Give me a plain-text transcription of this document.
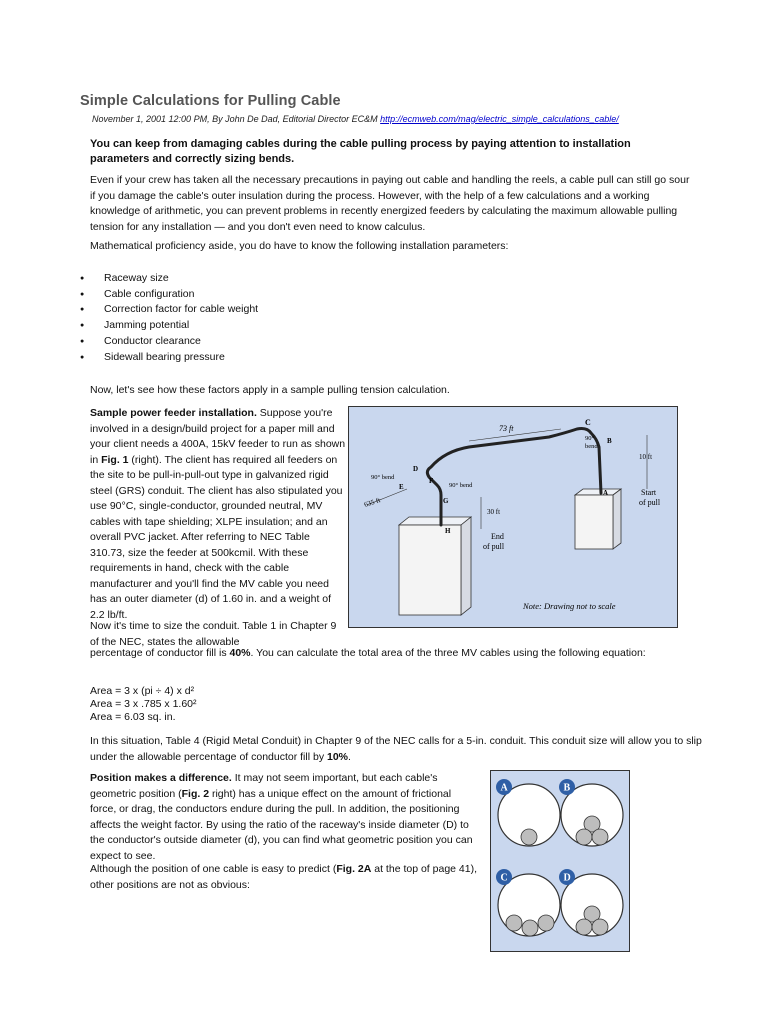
Simple Calculations for Pulling Cable
November 1, 2001 12:00 PM, By John De Dad, Editorial Director EC&M http://ecmweb.com/mag/electric_simple_calculations_cable/

You can keep from damaging cables during the cable pulling process by paying attention to installation parameters and correctly sizing bends.

Even if your crew has taken all the necessary precautions in paying out cable and handling the reels, a cable pull can still go sour if you damage the cable's outer insulation during the process. However, with the help of a few calculations and a working knowledge of arithmetic, you can prevent problems in recently energized feeders by calculating the maximum allowable pulling tension for any installation — and you don't even need to know calculus.

Mathematical proficiency aside, you do have to know the following installation parameters:

● Raceway size
● Cable configuration
● Correction factor for cable weight
● Jamming potential
● Conductor clearance
● Sidewall bearing pressure

Now, let's see how these factors apply in a sample pulling tension calculation.

Sample power feeder installation. Suppose you're involved in a design/build project for a paper mill and your client needs a 400A, 15kV feeder to run as shown in Fig. 1 (right). The client has required all feeders on the site to be pull-in-pull-out type in galvanized rigid steel (GRS) conduit. The client has also stipulated you use 90°C, single-conductor, grounded neutral, MV cables with tape shielding; XLPE insulation; and an overall PVC jacket. After referring to NEC Table 310.73, size the feeder at 500kcmil. With these requirements in hand, check with the cable manufacturer and you'll find the MV cable you need has an outer diameter (d) of 1.60 in. and a weight of 2.2 lb/ft.

73 ft
C
B
A
90°
bend
10 ft
Start
of pull
D
90° bend
E
F
90° bend
G
H
635 ft
30 ft
End
of pull
Note: Drawing not to scale

Now it's time to size the conduit. Table 1 in Chapter 9 of the NEC, states the allowable

percentage of conductor fill is 40%. You can calculate the total area of the three MV cables using the following equation:

Area = 3 x (pi ÷ 4) x d²
Area = 3 x .785 x 1.60²
Area = 6.03 sq. in.

In this situation, Table 4 (Rigid Metal Conduit) in Chapter 9 of the NEC calls for a 5-in. conduit. This conduit size will allow you to slip under the allowable percentage of conductor fill by 10%.

Position makes a difference. It may not seem important, but each cable's geometric position (Fig. 2 right) has a unique effect on the amount of frictional force, or drag, the conductors endure during the pull. In addition, the positioning affects the weight factor. By using the ratio of the raceway's inside diameter (D) to the conductor's outside diameter (d), you can find what geometric position you can expect to see.

Although the position of one cable is easy to predict (Fig. 2A at the top of page 41), other positions are not as obvious:

A	B
C	D
